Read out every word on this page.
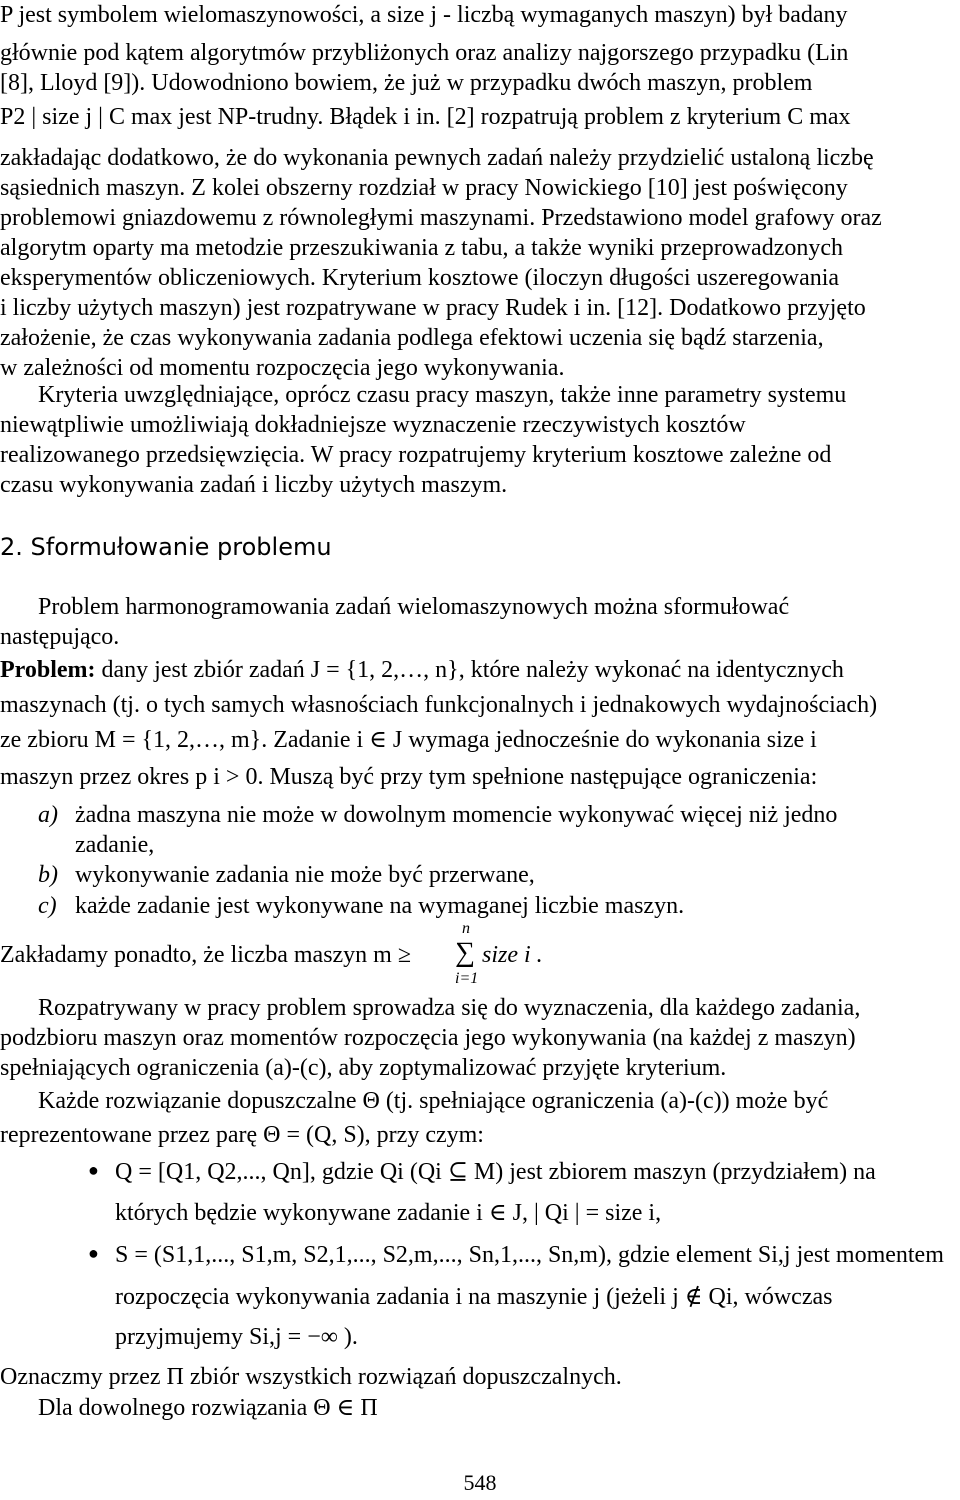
P jest symbolem wielomaszynowości, a size j - liczbą wymaganych maszyn) był badany
głównie pod kątem algorytmów przybliżonych oraz analizy najgorszego przypadku (Lin
[8], Lloyd [9]). Udowodniono bowiem, że już w przypadku dwóch maszyn, problem
P2 | size j | C max jest NP-trudny. Błądek i in. [2] rozpatrują problem z kryterium C max
zakładając dodatkowo, że do wykonania pewnych zadań należy przydzielić ustaloną liczbę
sąsiednich maszyn. Z kolei obszerny rozdział w pracy Nowickiego [10] jest poświęcony
problemowi gniazdowemu z równoległymi maszynami. Przedstawiono model grafowy oraz
algorytm oparty ma metodzie przeszukiwania z tabu, a także wyniki przeprowadzonych
eksperymentów obliczeniowych. Kryterium kosztowe (iloczyn długości uszeregowania
i liczby użytych maszyn) jest rozpatrywane w pracy Rudek i in. [12]. Dodatkowo przyjęto
założenie, że czas wykonywania zadania podlega efektowi uczenia się bądź starzenia,
w zależności od momentu rozpoczęcia jego wykonywania.
Kryteria uwzględniające, oprócz czasu pracy maszyn, także inne parametry systemu
niewątpliwie umożliwiają dokładniejsze wyznaczenie rzeczywistych kosztów
realizowanego przedsięwzięcia. W pracy rozpatrujemy kryterium kosztowe zależne od
czasu wykonywania zadań i liczby użytych maszym.
2. Sformułowanie problemu
Problem harmonogramowania zadań wielomaszynowych można sformułować
następująco.
Problem: dany jest zbiór zadań J = {1, 2,…, n}, które należy wykonać na identycznych
maszynach (tj. o tych samych własnościach funkcjonalnych i jednakowych wydajnościach)
ze zbioru M = {1, 2,…, m}. Zadanie i ∈ J wymaga jednocześnie do wykonania size i
maszyn przez okres p i > 0. Muszą być przy tym spełnione następujące ograniczenia:
a) żadna maszyna nie może w dowolnym momencie wykonywać więcej niż jedno
zadanie,
b) wykonywanie zadania nie może być przerwane,
c) każde zadanie jest wykonywane na wymaganej liczbie maszyn.
Zakładamy ponadto, że liczba maszyn m ≥
n
∑
i=1
size i .
Rozpatrywany w pracy problem sprowadza się do wyznaczenia, dla każdego zadania,
podzbioru maszyn oraz momentów rozpoczęcia jego wykonywania (na każdej z maszyn)
spełniających ograniczenia (a)-(c), aby zoptymalizować przyjęte kryterium.
Każde rozwiązanie dopuszczalne Θ (tj. spełniające ograniczenia (a)-(c)) może być
reprezentowane przez parę Θ = (Q, S), przy czym:
● Q = [Q1, Q2,..., Qn], gdzie Qi (Qi ⊆ M) jest zbiorem maszyn (przydziałem) na
których będzie wykonywane zadanie i ∈ J, | Qi | = size i,
● S = (S1,1,..., S1,m, S2,1,..., S2,m,..., Sn,1,..., Sn,m), gdzie element Si,j jest momentem
rozpoczęcia wykonywania zadania i na maszynie j (jeżeli j ∉ Qi, wówczas
przyjmujemy Si,j = −∞ ).
Oznaczmy przez Π zbiór wszystkich rozwiązań dopuszczalnych.
Dla dowolnego rozwiązania Θ ∈ Π
548
